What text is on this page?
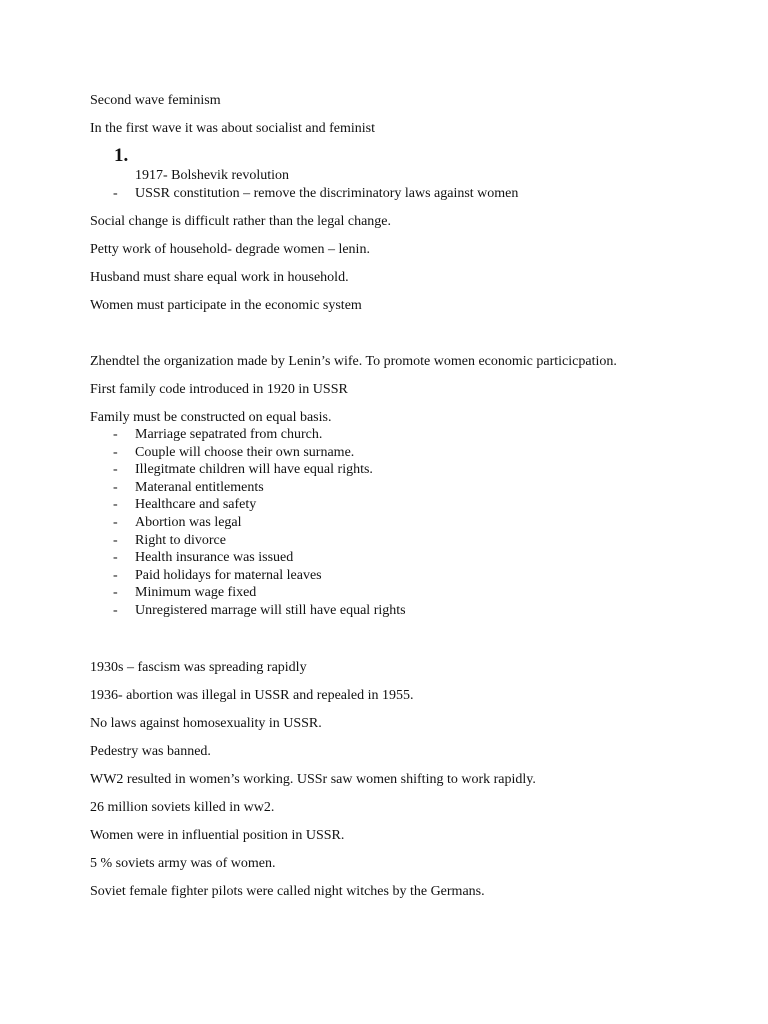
Second wave feminism

In the first wave it was about socialist and feminist

1.
1917- Bolshevik revolution
- USSR constitution – remove the discriminatory laws against women

Social change is difficult rather than the legal change.

Petty work of household- degrade women – lenin.

Husband must share equal work in household.

Women must participate in the economic system

Zhendtel the organization made by Lenin’s wife. To promote women economic particicpation.

First family code introduced in 1920 in USSR

Family must be constructed on equal basis.

- Marriage sepatrated from church.
- Couple will choose their own surname.
- Illegitmate children will have equal rights.
- Materanal entitlements
- Healthcare and safety
- Abortion was legal
- Right to divorce
- Health insurance was issued
- Paid holidays for maternal leaves
- Minimum wage fixed
- Unregistered marrage will still have equal rights

1930s – fascism was spreading rapidly

1936- abortion was illegal in USSR and repealed in 1955.

No laws against homosexuality in USSR.

Pedestry was banned.

WW2 resulted in women’s working. USSr saw women shifting to work rapidly.

26 million soviets killed in ww2.

Women were in influential position in USSR.

5 % soviets army was of women.

Soviet female fighter pilots were called night witches by the Germans.
